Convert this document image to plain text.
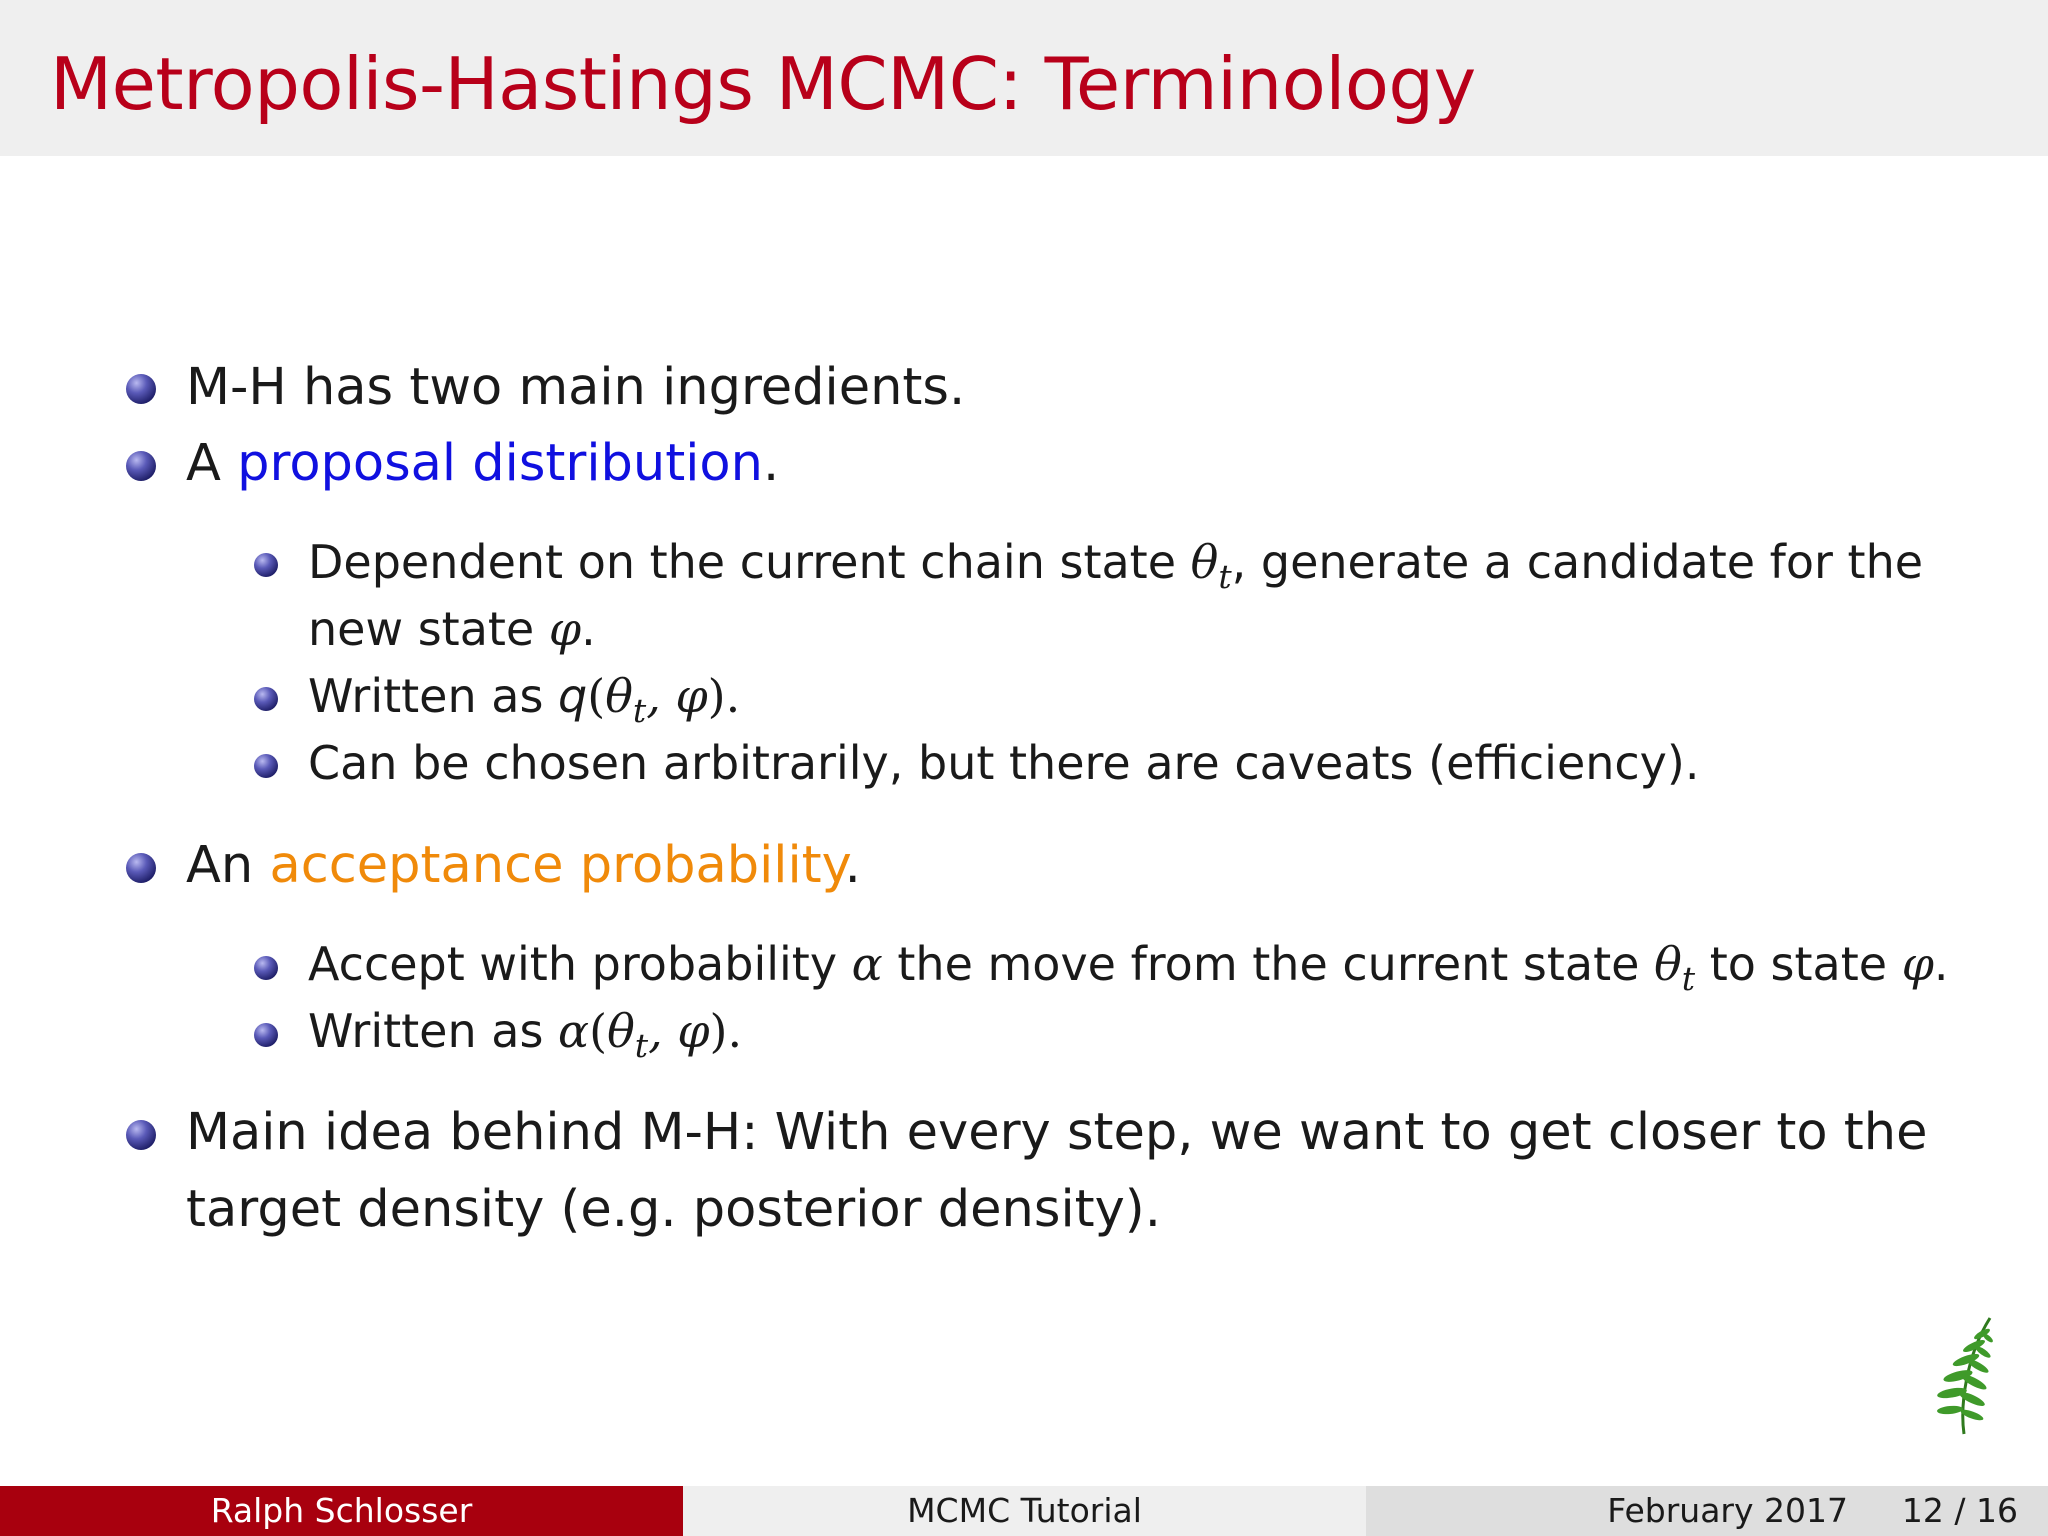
Metropolis-Hastings MCMC: Terminology
M-H has two main ingredients.
A proposal distribution.
Dependent on the current chain state $\theta_t$, generate a candidate for the
new state φ.
Written as $q(\theta_t$, φ).
Can be chosen arbitrarily, but there are caveats (efficiency).
An acceptance probability.
Accept with probability α the move from the current state $\theta_t$ to state φ.
Written as $\alpha(\theta_t$, φ).
Main idea behind M-H: With every step, we want to get closer to the
target density (e.g. posterior density).
Ralph Schlosser	MCMC Tutorial	February 2017 12 / 16
